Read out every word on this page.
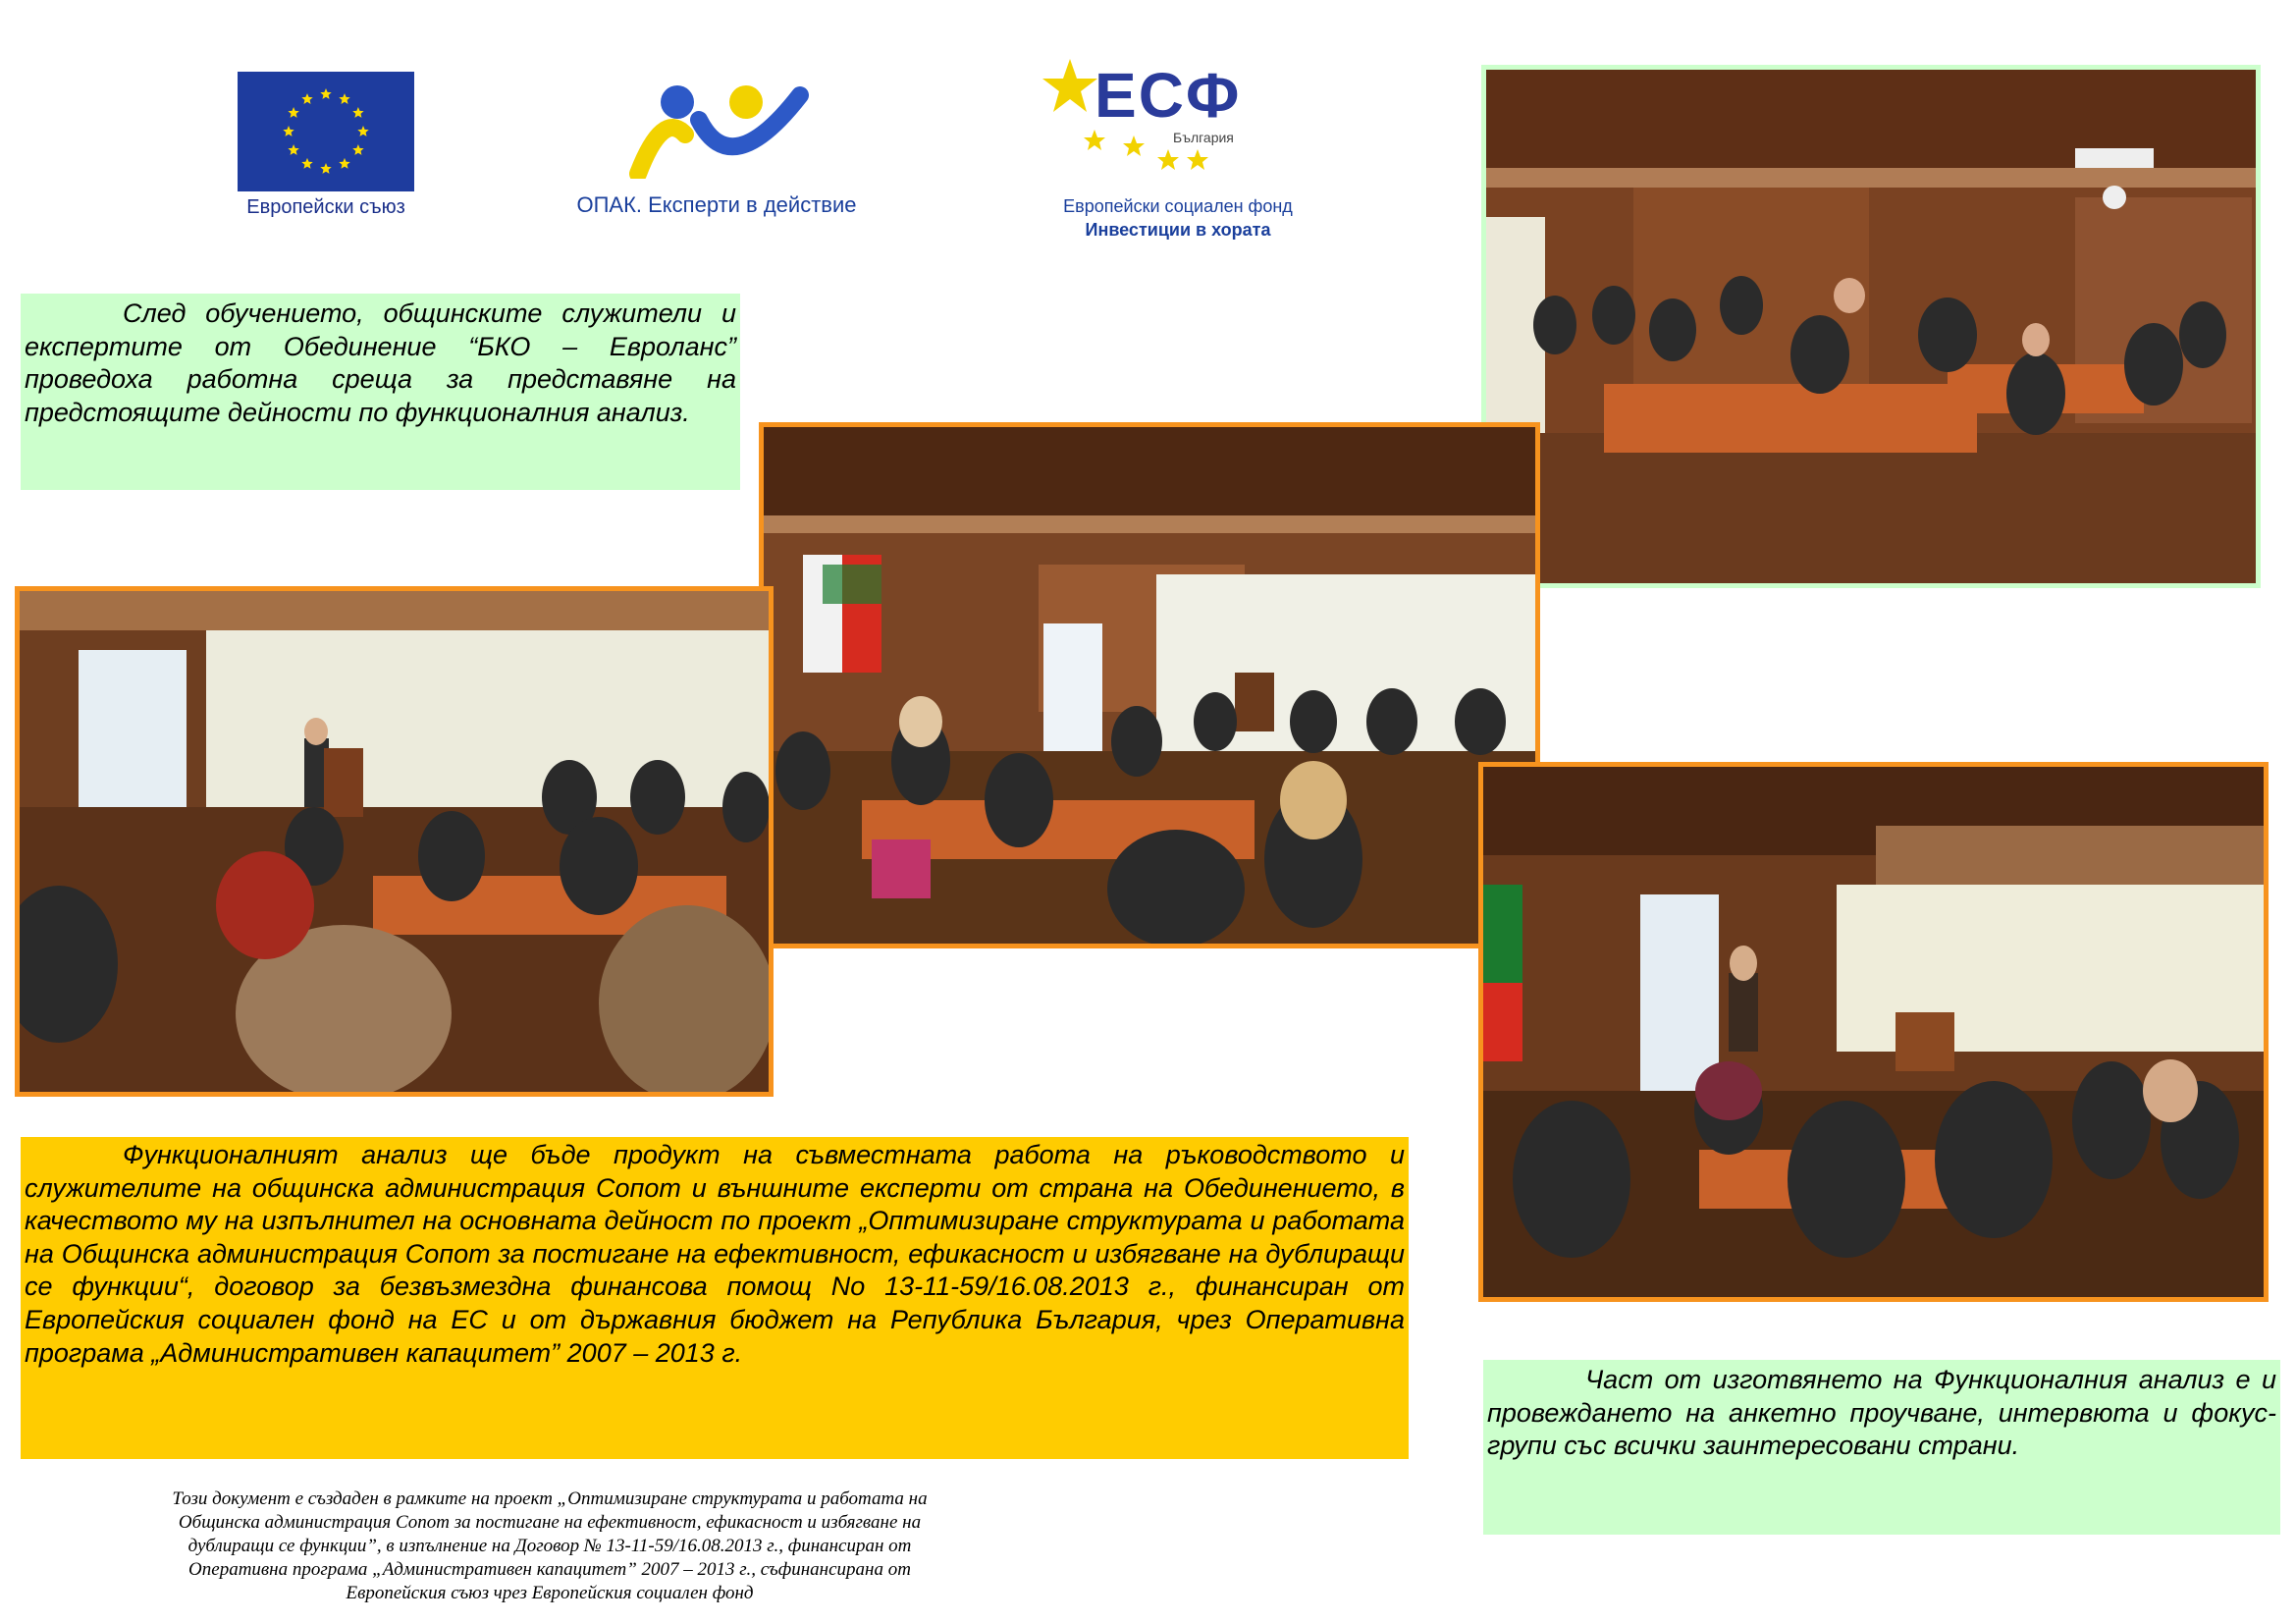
Европейски съюз	ОПАК. Експерти в действие
ЕСФ
България
Европейски социален фонд
Инвестиции в хората

След обучението, общинските служители и експертите от Обединение “БКО – Евроланс” проведоха работна среща за представяне на предстоящите дейности по функционалния анализ.

Функционалният анализ ще бъде продукт на съвместната работа на ръководството и служителите на общинска администрация Сопот и външните експерти от страна на Обединението, в качеството му на изпълнител на основната дейност по проект „Оптимизиране структурата и работата на Общинска администрация Сопот за постигане на ефективност, ефикасност и избягване на дублиращи се функции“, договор за безвъзмездна финансова помощ No 13-11-59/16.08.2013 г., финансиран от Европейския социален фонд на ЕС и от държавния бюджет на Република България, чрез Оперативна програма „Административен капацитет” 2007 – 2013 г.

Част от изготвянето на Функционалния анализ е и провеждането на анкетно проучване, интервюта и фокус-групи със всички заинтересовани страни.

Този документ е създаден в рамките на проект „Оптимизиране структурата и работата на
Общинска администрация Сопот за постигане на ефективност, ефикасност и избягване на
дублиращи се функции”, в изпълнение на Договор № 13-11-59/16.08.2013 г., финансиран от
Оперативна програма „Административен капацитет” 2007 – 2013 г., съфинансирана от
Европейския съюз чрез Европейския социален фонд
